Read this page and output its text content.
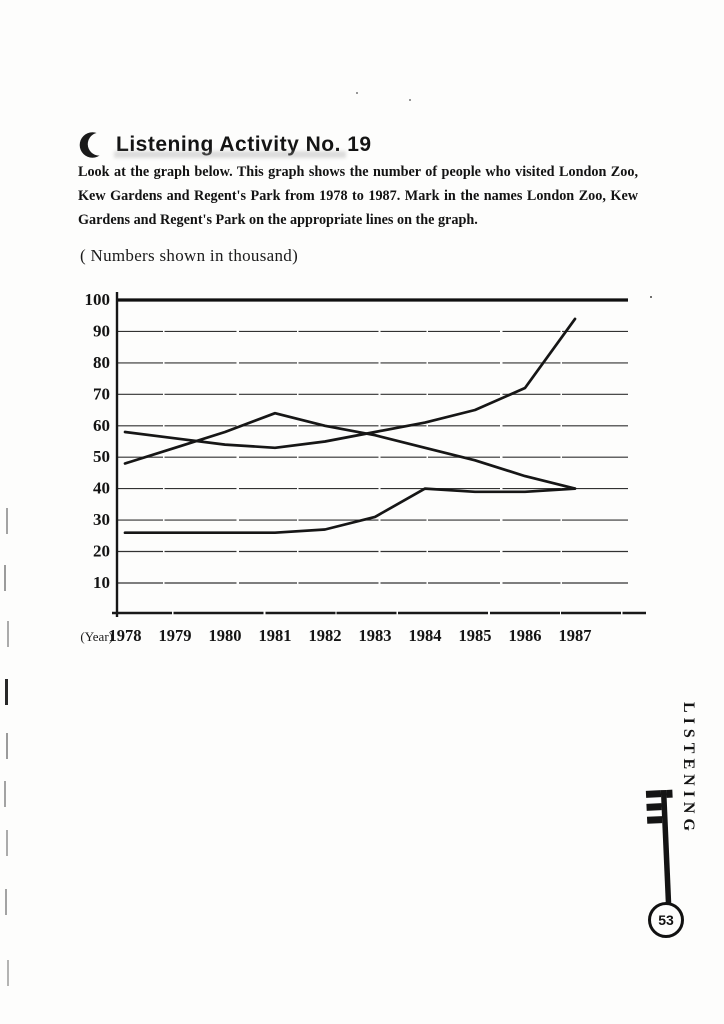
Listening Activity No. 19

Look at the graph below. This graph shows the number of people who visited London Zoo, Kew Gardens and Regent's Park from 1978 to 1987. Mark in the names London Zoo, Kew Gardens and Regent's Park on the appropriate lines on the graph.

( Numbers shown in thousand)

100
90
80
70
60
50
40
30
20
10
(Year)
1978 1979 1980 1981 1982 1983 1984 1985 1986 1987
LISTENING
53
